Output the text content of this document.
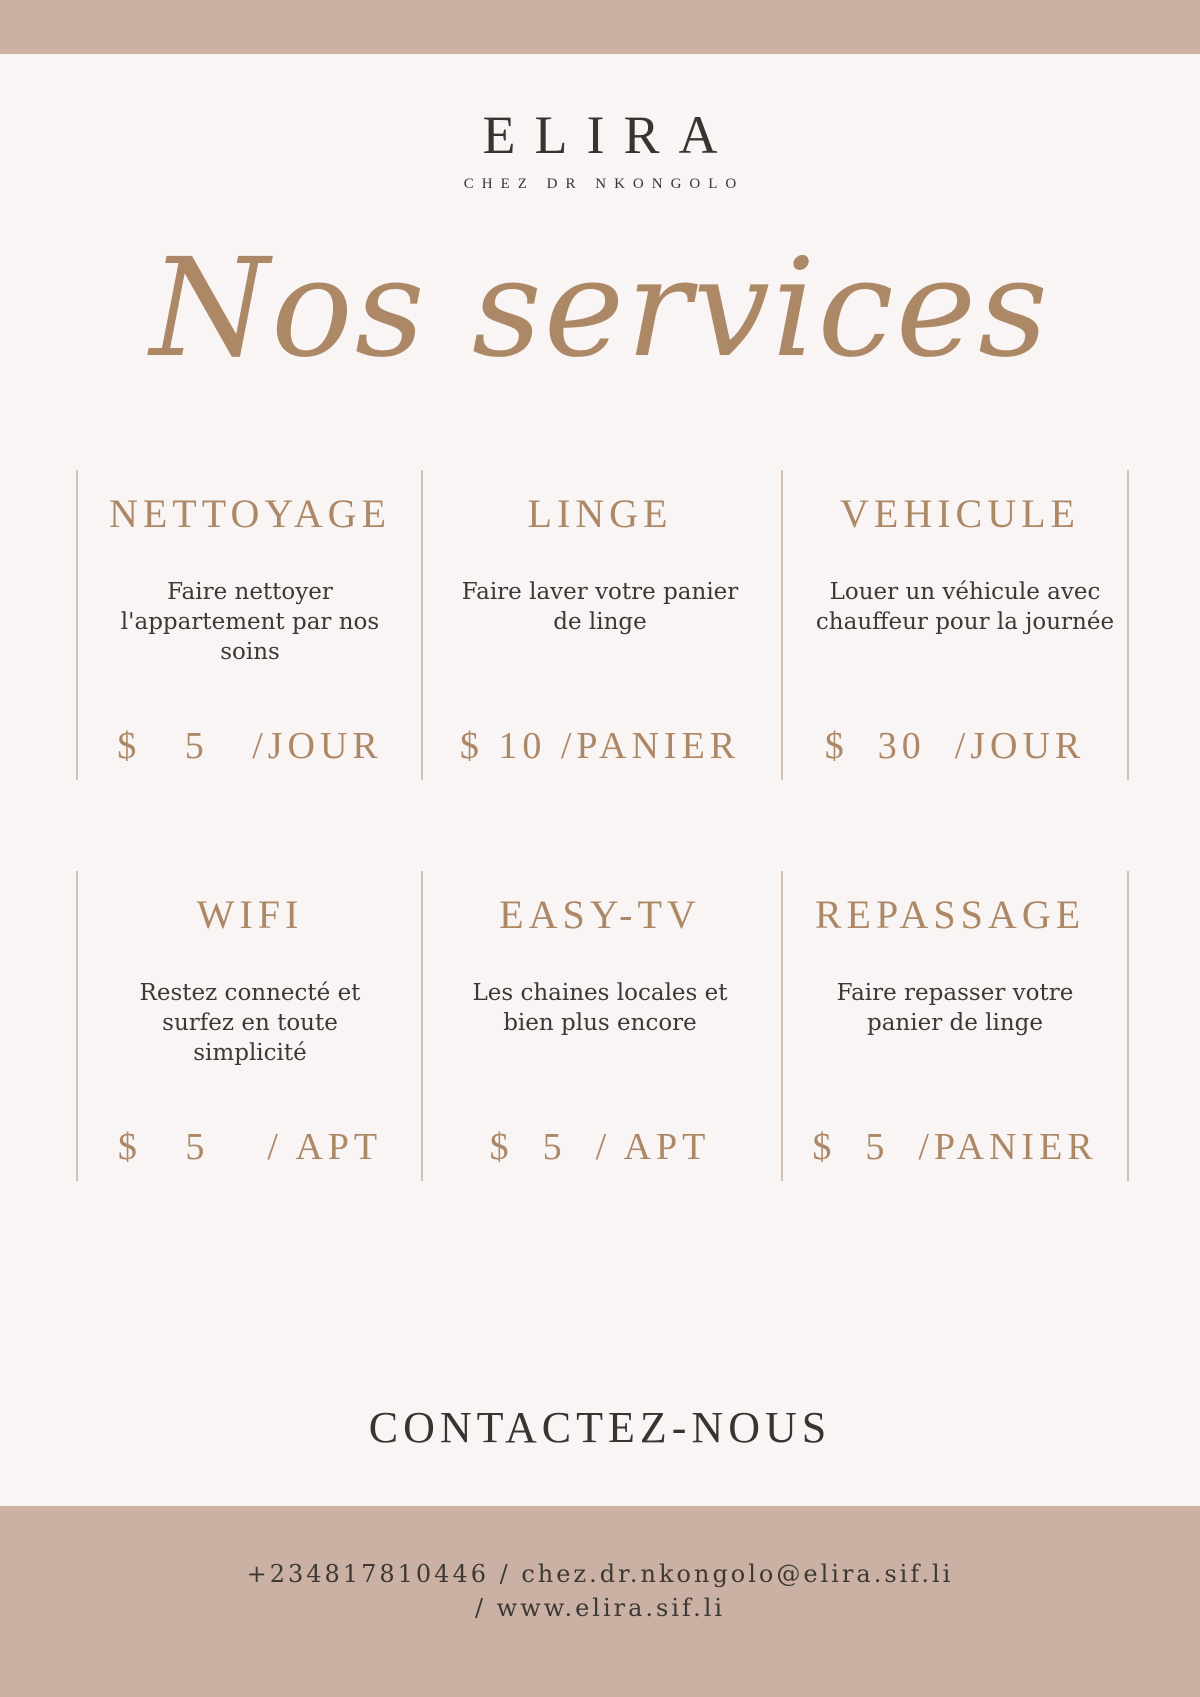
ELIRA
CHEZ DR NKONGOLO
Nos services
NETTOYAGE
Faire nettoyer l'appartement par nos soins
$   5   /JOUR
LINGE
Faire laver votre panier de linge
$ 10 /PANIER
VEHICULE
Louer un véhicule avec chauffeur pour la journée
$  30  /JOUR
WIFI
Restez connecté et surfez en toute simplicité
$   5    / APT
EASY-TV
Les chaines locales et bien plus encore
$  5  / APT
REPASSAGE
Faire repasser votre panier de linge
$  5  /PANIER
CONTACTEZ-NOUS
+234817810446 / chez.dr.nkongolo@elira.sif.li
/ www.elira.sif.li
